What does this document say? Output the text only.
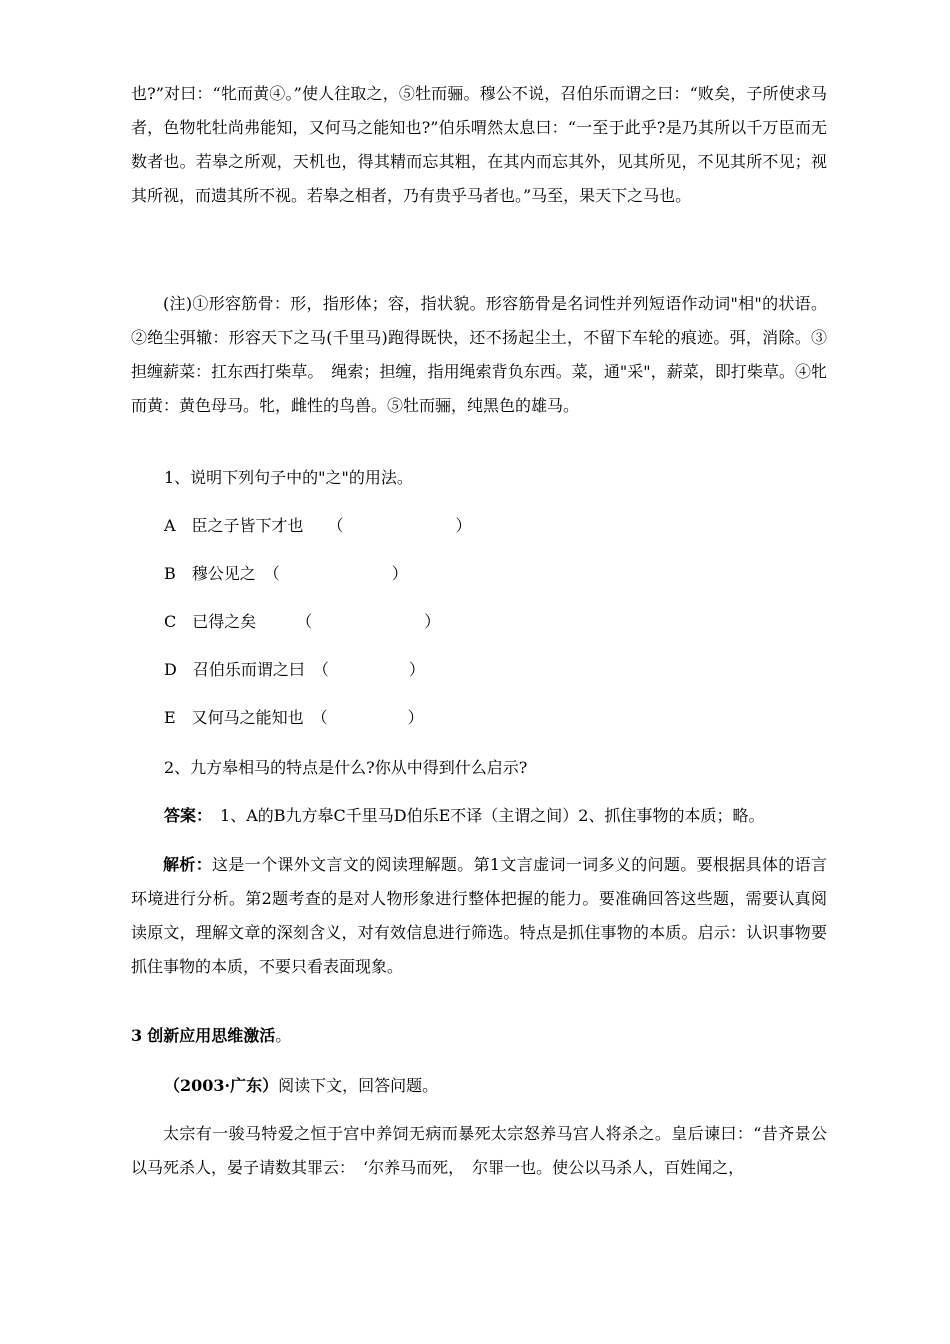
也?”对曰：“牝而黄④。”使人往取之，⑤牡而骊。穆公不说，召伯乐而谓之曰：“败矣，子所使求马者，色物牝牡尚弗能知，又何马之能知也?”伯乐喟然太息曰：“一至于此乎?是乃其所以千万臣而无数者也。若皋之所观，天机也，得其精而忘其粗，在其内而忘其外，见其所见，不见其所不见；视其所视，而遗其所不视。若皋之相者，乃有贵乎马者也。”马至，果天下之马也。

(注)①形容筋骨：形，指形体；容，指状貌。形容筋骨是名词性并列短语作动词"相"的状语。②绝尘弭辙：形容天下之马(千里马)跑得既快，还不扬起尘土，不留下车轮的痕迹。弭，消除。③担缠薪菜：扛东西打柴草。　绳索；担缠，指用绳索背负东西。菜，通"采"，薪菜，即打柴草。④牝而黄：黄色母马。牝，雌性的鸟兽。⑤牡而骊，纯黑色的雄马。

1、说明下列句子中的"之"的用法。
A　臣之子皆下才也　　（　　　　　　　）
B　穆公见之　（　　　　　　　）
C　已得之矣　　　（　　　　　　　）
D　召伯乐而谓之曰　（　　　　　）
E　又何马之能知也　（　　　　　）
2、九方皋相马的特点是什么?你从中得到什么启示?
答案：　1、A的B九方皋C千里马D伯乐E不译（主谓之间）2、抓住事物的本质；略。

解析：这是一个课外文言文的阅读理解题。第1文言虚词一词多义的问题。要根据具体的语言环境进行分析。第2题考查的是对人物形象进行整体把握的能力。要准确回答这些题，需要认真阅读原文，理解文章的深刻含义，对有效信息进行筛选。特点是抓住事物的本质。启示：认识事物要抓住事物的本质，不要只看表面现象。

3 创新应用思维激活。
（2003·广东）阅读下文，回答问题。

太宗有一骏马特爱之恒于宫中养饲无病而暴死太宗怒养马宫人将杀之。皇后谏曰：“昔齐景公以马死杀人，晏子请数其罪云：　‘尔养马而死，　尔罪一也。使公以马杀人，百姓闻之，
